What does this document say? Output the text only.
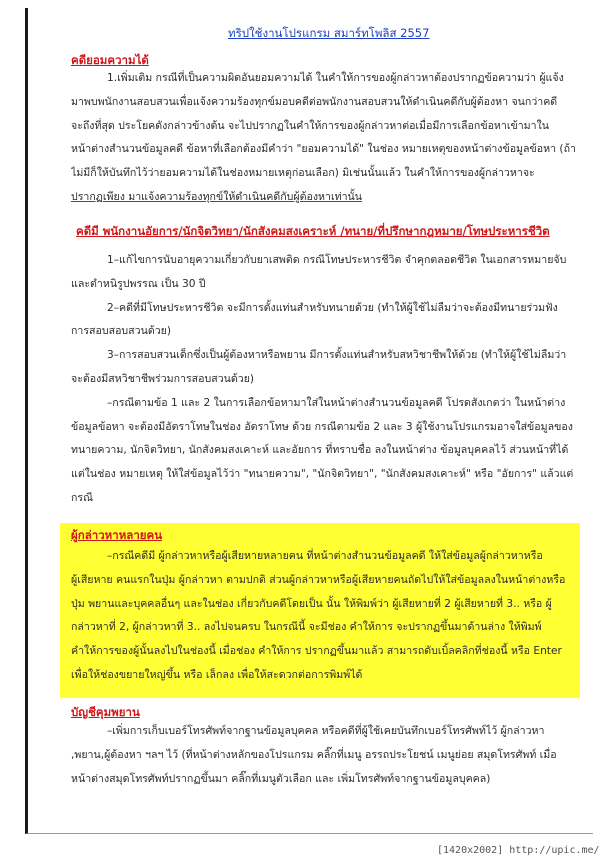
ทริปใช้งานโปรแกรม สมาร์ทโพลิส 2557
คดียอมความได้
1.เพิ่มเติม กรณีที่เป็นความผิดอันยอมความได้ ในคำให้การของผู้กล่าวหาต้องปรากฏข้อความว่า ผู้แจ้ง
มาพบพนักงานสอบสวนเพื่อแจ้งความร้องทุกข์มอบคดีต่อพนักงานสอบสวนให้ดำเนินคดีกับผู้ต้องหา จนกว่าคดี
จะถึงที่สุด ประโยคดังกล่าวข้างต้น จะไปปรากฏในคำให้การของผู้กล่าวหาต่อเมื่อมีการเลือกข้อหาเข้ามาใน
หน้าต่างสำนวนข้อมูลคดี ข้อหาที่เลือกต้องมีคำว่า "ยอมความได้" ในช่อง หมายเหตุของหน้าต่างข้อมูลข้อหา (ถ้า
ไม่มีก็ให้บันทึกไว้ว่ายอมความได้ในช่องหมายเหตุก่อนเลือก) มิเช่นนั้นแล้ว ในคำให้การของผู้กล่าวหาจะ
ปรากฏเพียง มาแจ้งความร้องทุกข์ให้ดำเนินคดีกับผู้ต้องหาเท่านั้น
คดีมี พนักงานอัยการ/นักจิตวิทยา/นักสังคมสงเคราะห์ /ทนาย/ที่ปรึกษากฎหมาย/โทษประหารชีวิต
1–แก้ไขการนับอายุความเกี่ยวกับยาเสพติด กรณีโทษประหารชีวิต จำคุกตลอดชีวิต ในเอกสารหมายจับ
และตำหนิรูปพรรณ เป็น 30 ปี
2–คดีที่มีโทษประหารชีวิต จะมีการตั้งแท่นสำหรับทนายด้วย (ทำให้ผู้ใช้ไม่ลืมว่าจะต้องมีทนายร่วมฟัง
การสอบสอบสวนด้วย)
3–การสอบสวนเด็กซึ่งเป็นผู้ต้องหาหรือพยาน มีการตั้งแท่นสำหรับสหวิชาชีพให้ด้วย (ทำให้ผู้ใช้ไม่ลืมว่า
จะต้องมีสหวิชาชีพร่วมการสอบสวนด้วย)
–กรณีตามข้อ 1 และ 2 ในการเลือกข้อหามาใส่ในหน้าต่างสำนวนข้อมูลคดี โปรดสังเกตว่า ในหน้าต่าง
ข้อมูลข้อหา จะต้องมีอัตราโทษในช่อง อัตราโทษ ด้วย กรณีตามข้อ 2 และ 3 ผู้ใช้งานโปรแกรมอาจใส่ข้อมูลของ
ทนายความ, นักจิตวิทยา, นักสังคมสงเคาะห์ และอัยการ ที่ทราบชื่อ ลงในหน้าต่าง ข้อมูลบุคคลไว้ ส่วนหน้าที่ได้
แต่ในช่อง หมายเหตุ ให้ใส่ข้อมูลไว้ว่า "ทนายความ", "นักจิตวิทยา", "นักสังคมสงเคาะห์" หรือ "อัยการ" แล้วแต่
กรณี
ผู้กล่าวหาหลายคน
–กรณีคดีมี ผู้กล่าวหาหรือผู้เสียหายหลายคน ที่หน้าต่างสำนวนข้อมูลคดี ให้ใส่ข้อมูลผู้กล่าวหาหรือ
ผู้เสียหาย คนแรกในปุ่ม ผู้กล่าวหา ตามปกติ ส่วนผู้กล่าวหาหรือผู้เสียหายคนถัดไปให้ใส่ข้อมูลลงในหน้าต่างหรือ
ปุ่ม พยานและบุคคลอื่นๆ และในช่อง เกี่ยวกับคดีโดยเป็น นั้น ให้พิมพ์ว่า ผู้เสียหายที่ 2 ผู้เสียหายที่ 3.. หรือ ผู้
กล่าวหาที่ 2, ผู้กล่าวหาที่ 3.. ลงไปจนครบ ในกรณีนี้ จะมีช่อง คำให้การ จะปรากฏขึ้นมาด้านล่าง ให้พิมพ์
คำให้การของผู้นั้นลงไปในช่องนี้ เมื่อช่อง คำให้การ ปรากฏขึ้นมาแล้ว สามารถดับเบิ้ลคลิกที่ช่องนี้ หรือ Enter
เพื่อให้ช่องขยายใหญ่ขึ้น หรือ เล็กลง เพื่อให้สะดวกต่อการพิมพ์ได้
บัญชีคุมพยาน
–เพิ่มการเก็บเบอร์โทรศัพท์จากฐานข้อมูลบุคคล หรือคดีที่ผู้ใช้เคยบันทึกเบอร์โทรศัพท์ไว้ ผู้กล่าวหา
,พยาน,ผู้ต้องหา ฯลฯ ไว้ (ที่หน้าต่างหลักของโปรแกรม คลิ๊กที่เมนู อรรถประโยชน์ เมนูย่อย สมุดโทรศัพท์ เมื่อ
หน้าต่างสมุดโทรศัพท์ปรากฏขึ้นมา คลิ๊กที่เมนูตัวเลือก และ เพิ่มโทรศัพท์จากฐานข้อมูลบุคคล)
[1420x2002] http://upic.me/
